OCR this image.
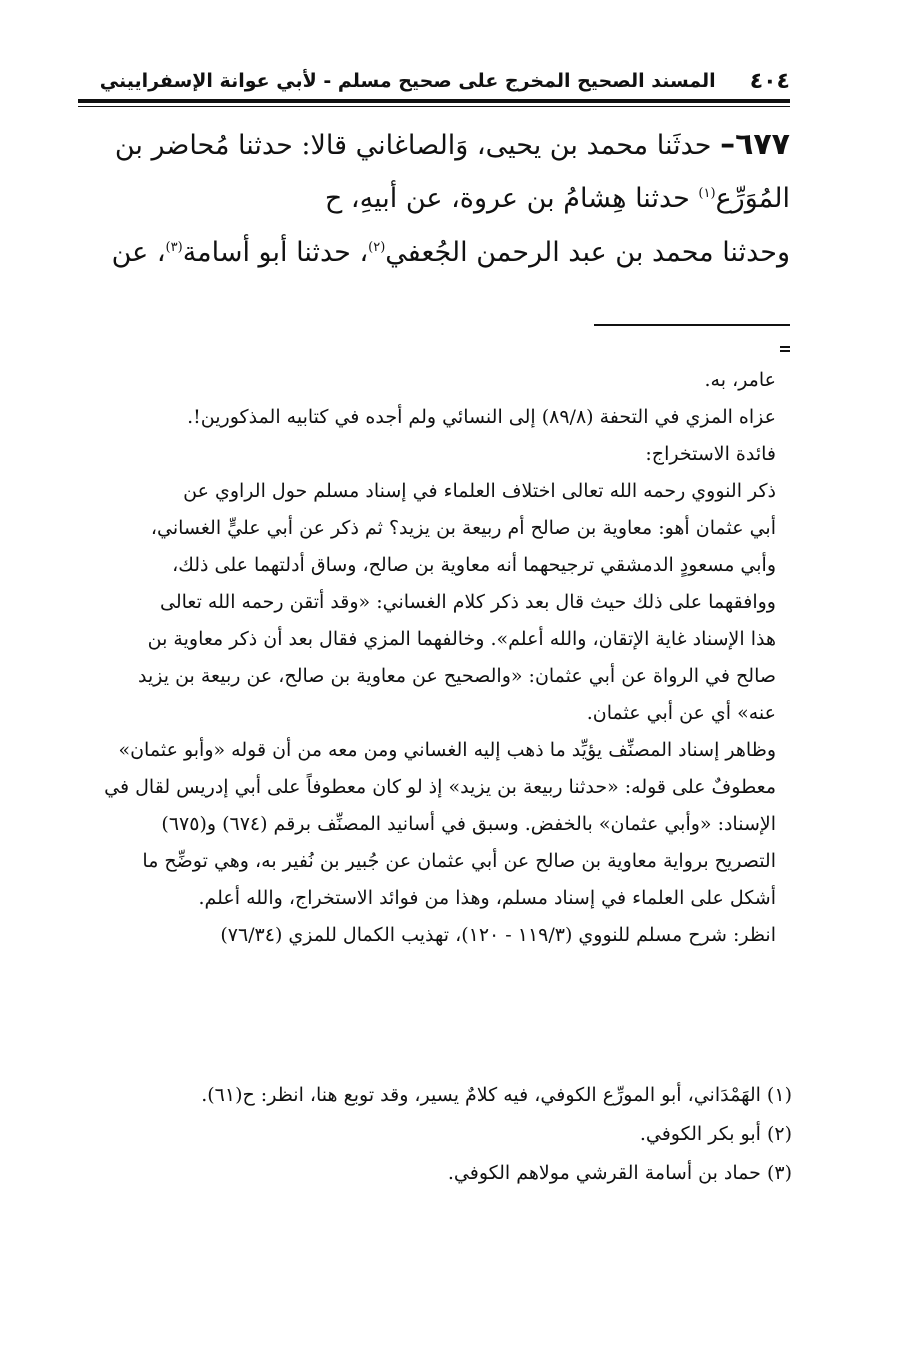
٤٠٤
المسند الصحيح المخرج على صحيح مسلم - لأبي عوانة الإسفراييني
٦٧٧– حدثَنا محمد بن يحيى، وَالصاغاني قالا: حدثنا مُحاضر بن
المُوَرِّع$^{(١)}$ حدثنا هِشامُ بن عروة، عن أبيهِ، ح
وحدثنا محمد بن عبد الرحمن الجُعفي$^{(٢)}$، حدثنا أبو أسامة$^{(٣)}$، عن
عامر، به.
عزاه المزي في التحفة (٨٩/٨) إلى النسائي ولم أجده في كتابيه المذكورين!.
فائدة الاستخراج:
ذكر النووي رحمه الله تعالى اختلاف العلماء في إسناد مسلم حول الراوي عن
أبي عثمان أهو: معاوية بن صالح أم ربيعة بن يزيد؟ ثم ذكر عن أبي عليٍّ الغساني،
وأبي مسعودٍ الدمشقي ترجيحهما أنه معاوية بن صالح، وساق أدلتهما على ذلك،
ووافقهما على ذلك حيث قال بعد ذكر كلام الغساني: «وقد أتقن رحمه الله تعالى
هذا الإسناد غاية الإتقان، والله أعلم». وخالفهما المزي فقال بعد أن ذكر معاوية بن
صالح في الرواة عن أبي عثمان: «والصحيح عن معاوية بن صالح، عن ربيعة بن يزيد
عنه» أي عن أبي عثمان.
وظاهر إسناد المصنِّف يؤيِّد ما ذهب إليه الغساني ومن معه من أن قوله «وأبو عثمان»
معطوفٌ على قوله: «حدثنا ربيعة بن يزيد» إذ لو كان معطوفاً على أبي إدريس لقال في
الإسناد: «وأبي عثمان» بالخفض. وسبق في أسانيد المصنِّف برقم (٦٧٤) و(٦٧٥)
التصريح برواية معاوية بن صالح عن أبي عثمان عن جُبير بن نُفير به، وهي توضِّح ما
أشكل على العلماء في إسناد مسلم، وهذا من فوائد الاستخراج، والله أعلم.
انظر: شرح مسلم للنووي (١١٩/٣ - ١٢٠)، تهذيب الكمال للمزي (٧٦/٣٤)
(١) الهَمْدَاني، أبو المورِّع الكوفي، فيه كلامٌ يسير، وقد توبع هنا، انظر: ح(٦١).
(٢) أبو بكر الكوفي.
(٣) حماد بن أسامة القرشي مولاهم الكوفي.
